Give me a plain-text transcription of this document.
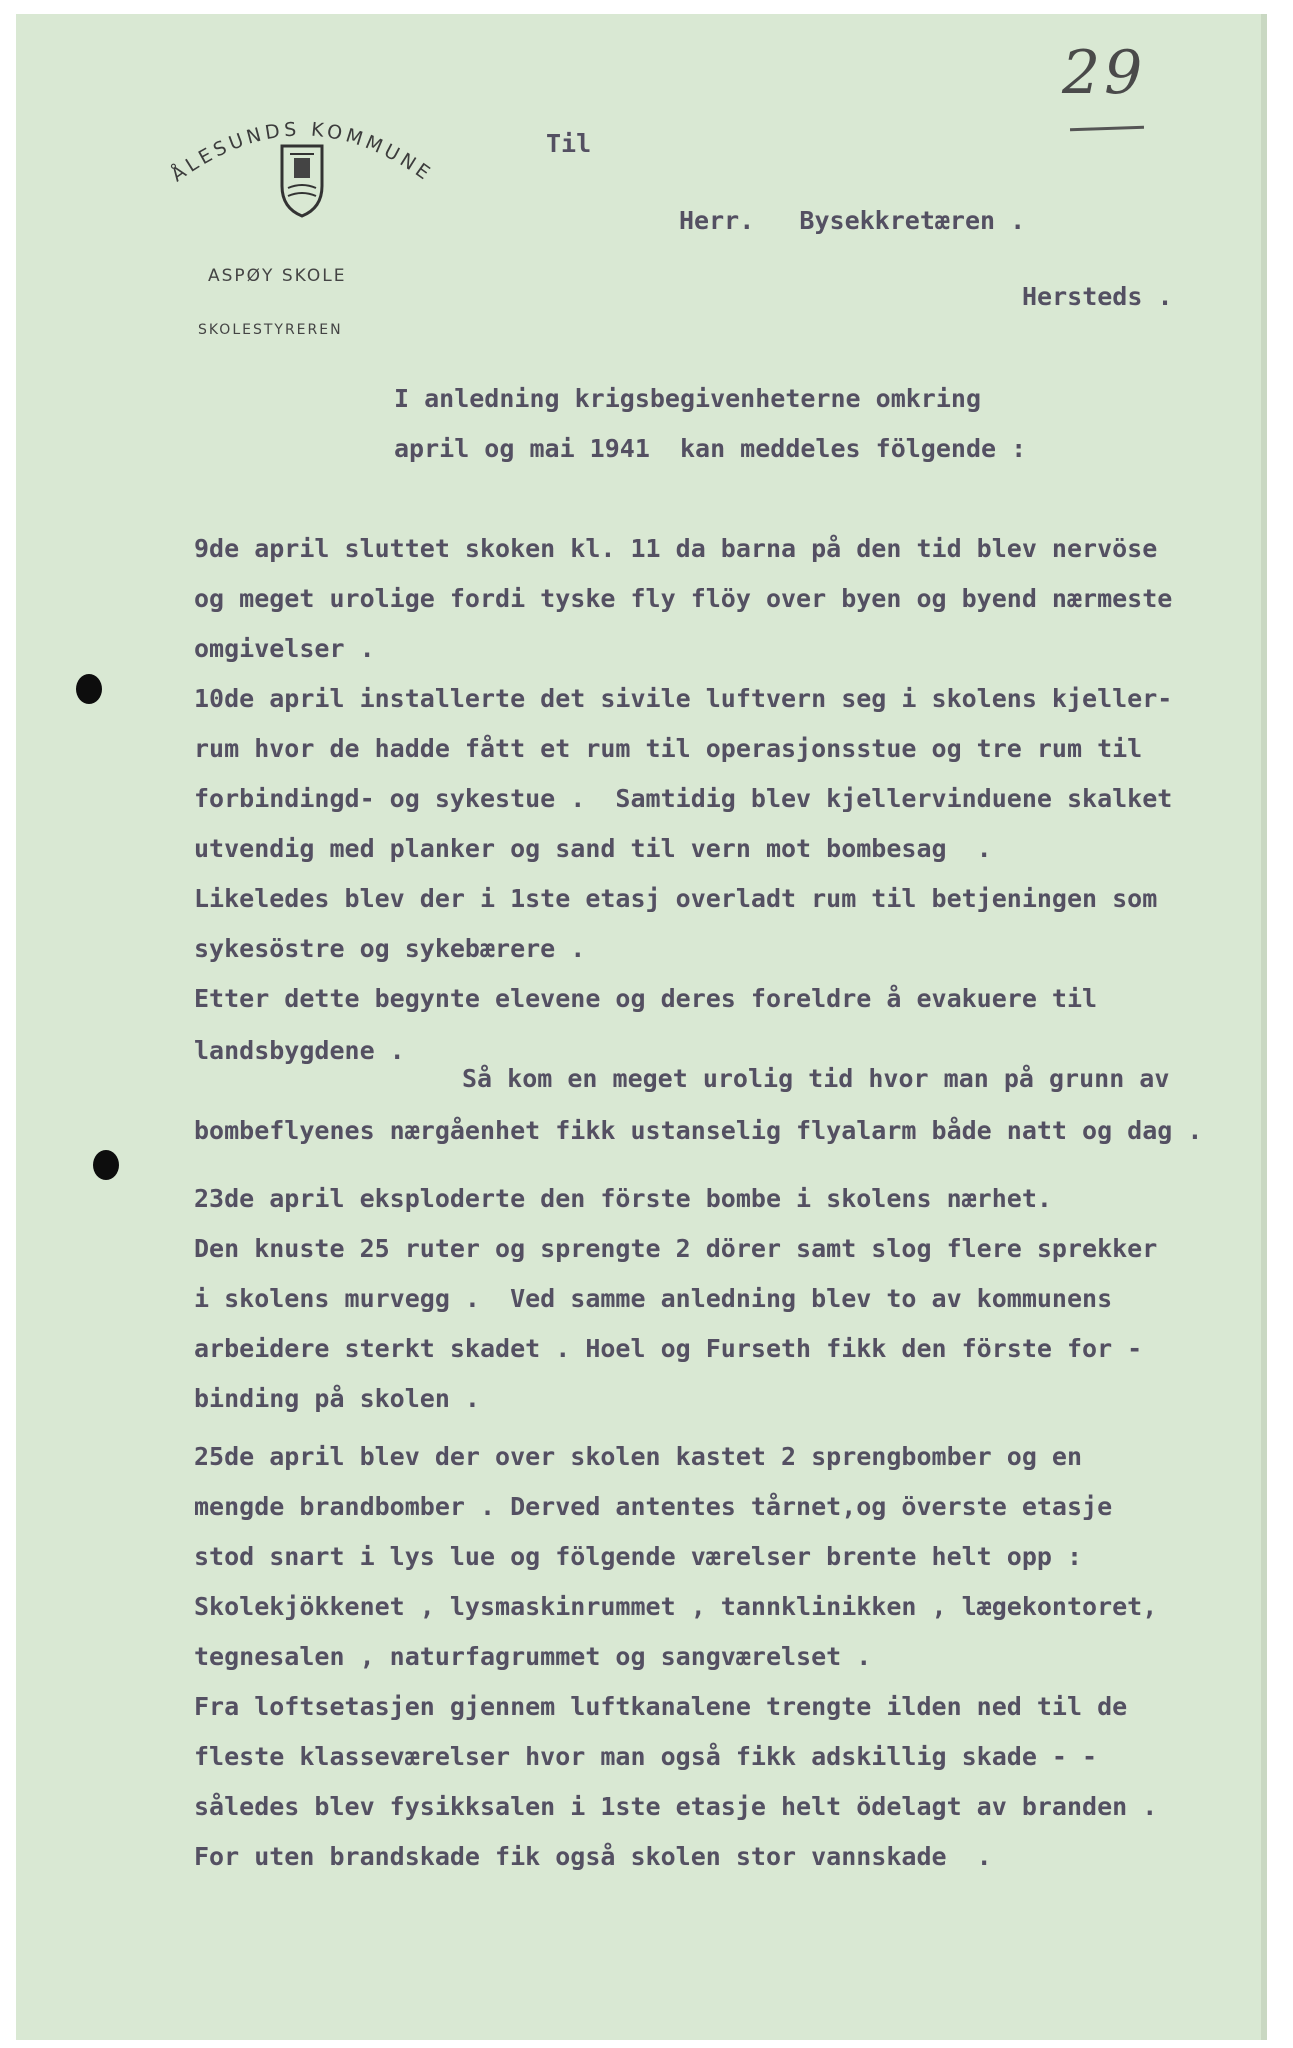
29
ÅLESUNDS KOMMUNE
ASPØY SKOLE
SKOLESTYREREN
Til
Herr.   Bysekkretæren .
Hersteds .
I anledning krigsbegivenheterne omkring
april og mai 1941  kan meddeles fölgende :
9de april sluttet skoken kl. 11 da barna på den tid blev nervöse
og meget urolige fordi tyske fly flöy over byen og byend nærmeste
omgivelser .
10de april installerte det sivile luftvern seg i skolens kjeller-
rum hvor de hadde fått et rum til operasjonsstue og tre rum til
forbindingd- og sykestue .  Samtidig blev kjellervinduene skalket
utvendig med planker og sand til vern mot bombesag  .
Likeledes blev der i 1ste etasj overladt rum til betjeningen som
sykesöstre og sykebærere .
Etter dette begynte elevene og deres foreldre å evakuere til
landsbygdene .
Så kom en meget urolig tid hvor man på grunn av
bombeflyenes nærgåenhet fikk ustanselig flyalarm både natt og dag .
23de april eksploderte den förste bombe i skolens nærhet.
Den knuste 25 ruter og sprengte 2 dörer samt slog flere sprekker
i skolens murvegg .  Ved samme anledning blev to av kommunens
arbeidere sterkt skadet . Hoel og Furseth fikk den förste for -
binding på skolen .
25de april blev der over skolen kastet 2 sprengbomber og en
mengde brandbomber . Derved antentes tårnet,og överste etasje
stod snart i lys lue og fölgende værelser brente helt opp :
Skolekjökkenet , lysmaskinrummet , tannklinikken , lægekontoret,
tegnesalen , naturfagrummet og sangværelset .
Fra loftsetasjen gjennem luftkanalene trengte ilden ned til de
fleste klasseværelser hvor man også fikk adskillig skade - -
således blev fysikksalen i 1ste etasje helt ödelagt av branden .
For uten brandskade fik også skolen stor vannskade  .
